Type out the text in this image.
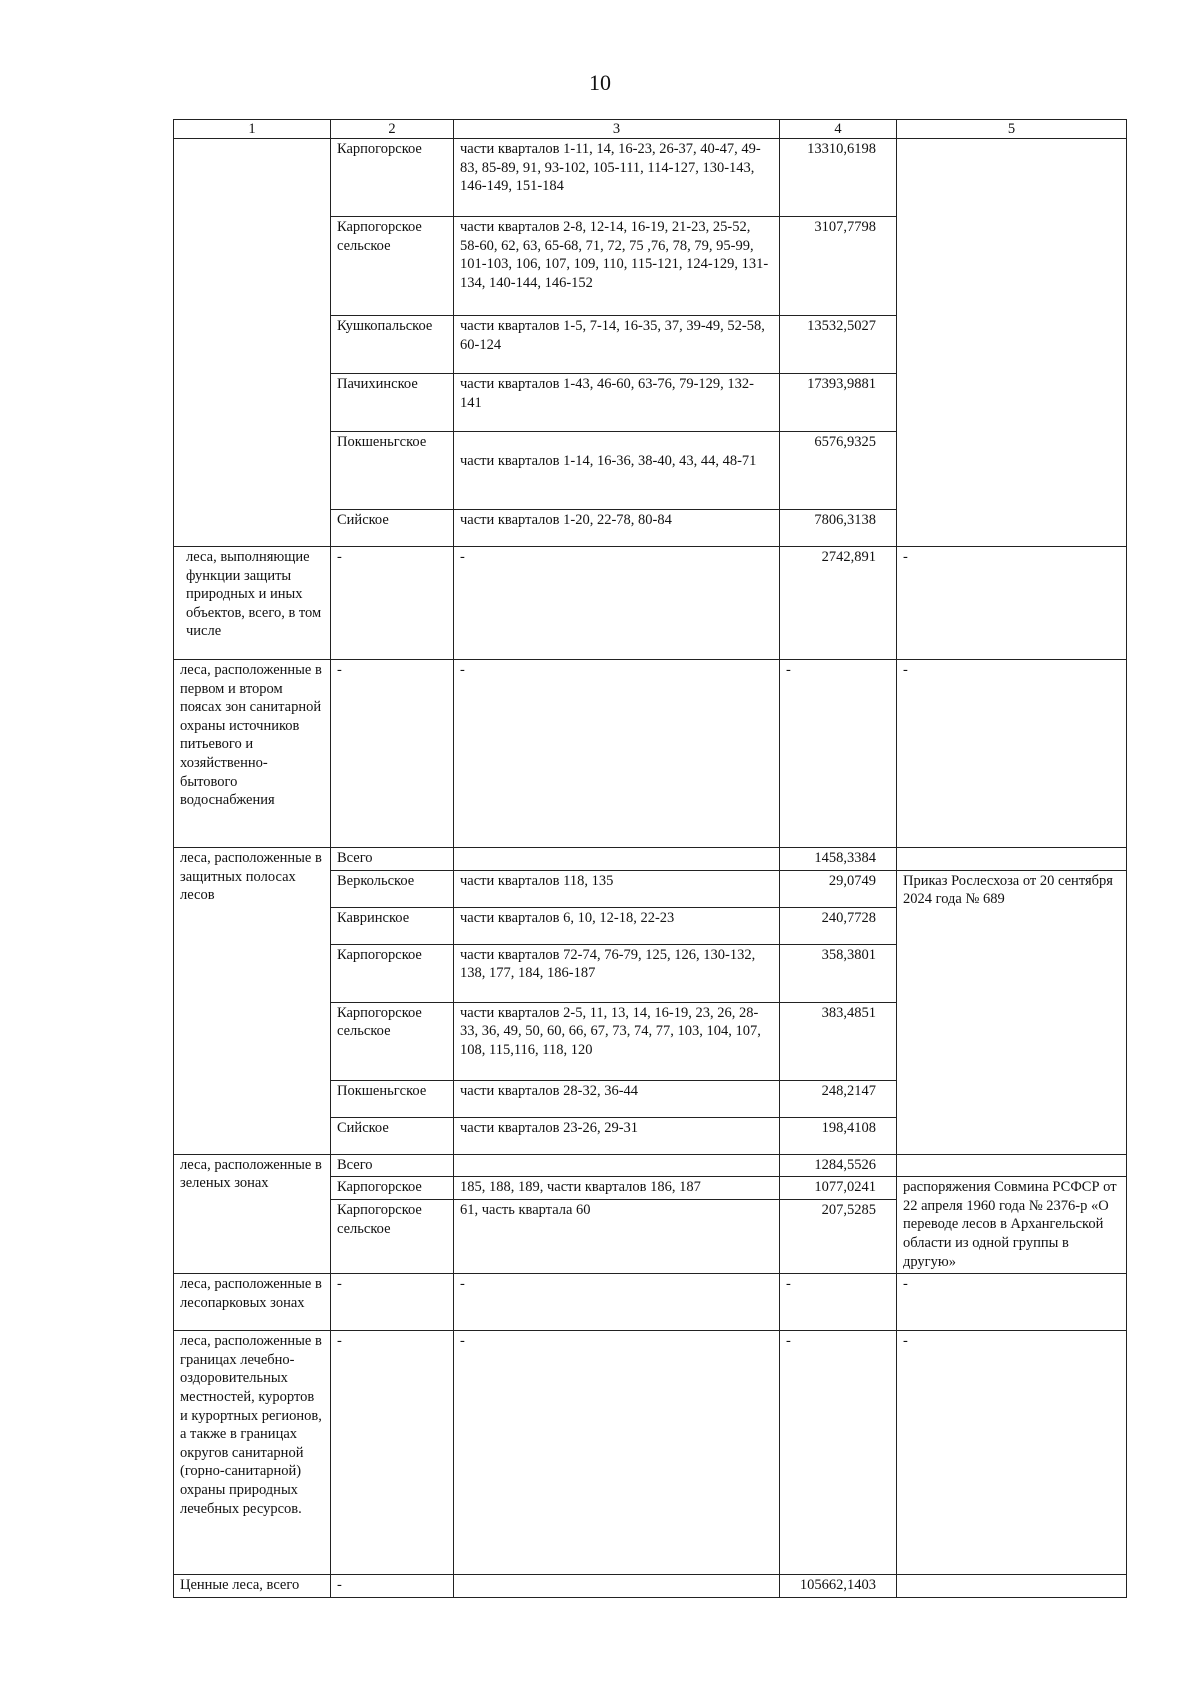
10
1	2	3	4	5
	Карпогорское	части кварталов 1-11, 14, 16-23, 26-37, 40-47, 49-83, 85-89, 91, 93-102, 105-111, 114-127, 130-143, 146-149, 151-184	13310,6198	
	Карпогорское сельское	части кварталов 2-8, 12-14, 16-19, 21-23, 25-52, 58-60, 62, 63, 65-68, 71, 72, 75 ,76, 78, 79, 95-99, 101-103, 106, 107, 109, 110, 115-121, 124-129, 131-134, 140-144, 146-152	3107,7798	
	Кушкопальское	части кварталов 1-5, 7-14, 16-35, 37, 39-49, 52-58, 60-124	13532,5027	
	Пачихинское	части кварталов 1-43, 46-60, 63-76, 79-129, 132-141	17393,9881	
	Покшеньгское	части кварталов 1-14, 16-36, 38-40, 43, 44, 48-71	6576,9325	
	Сийское	части кварталов 1-20, 22-78, 80-84	7806,3138	
леса, выполняющие функции защиты природных и иных объектов, всего, в том числе	-	-	2742,891	-
леса, расположенные в первом и втором поясах зон санитарной охраны источников питьевого и хозяйственно-бытового водоснабжения	-	-	-	-
леса, расположенные в защитных полосах лесов	Всего		1458,3384	
	Веркольское	части кварталов 118, 135	29,0749	Приказ Рослесхоза от 20 сентября 2024 года № 689
	Кавринское	части кварталов 6, 10, 12-18, 22-23	240,7728	
	Карпогорское	части кварталов 72-74, 76-79, 125, 126, 130-132, 138, 177, 184, 186-187	358,3801	
	Карпогорское сельское	части кварталов 2-5, 11, 13, 14, 16-19, 23, 26, 28-33, 36, 49, 50, 60, 66, 67, 73, 74, 77, 103, 104, 107, 108, 115,116, 118, 120	383,4851	
	Покшеньгское	части кварталов 28-32, 36-44	248,2147	
	Сийское	части кварталов 23-26, 29-31	198,4108	
леса, расположенные в зеленых зонах	Всего		1284,5526	
	Карпогорское	185, 188, 189, части кварталов 186, 187	1077,0241	распоряжения Совмина РСФСР от 22 апреля 1960 года № 2376-р «О переводе лесов в Архангельской области из одной группы в другую»
	Карпогорское сельское	61, часть квартала 60	207,5285	
леса, расположенные в лесопарковых зонах	-	-	-	-
леса, расположенные в границах лечебно-оздоровительных местностей, курортов и курортных регионов, а также в границах округов санитарной (горно-санитарной) охраны природных лечебных ресурсов.	-	-	-	-
Ценные леса, всего	-		105662,1403	
